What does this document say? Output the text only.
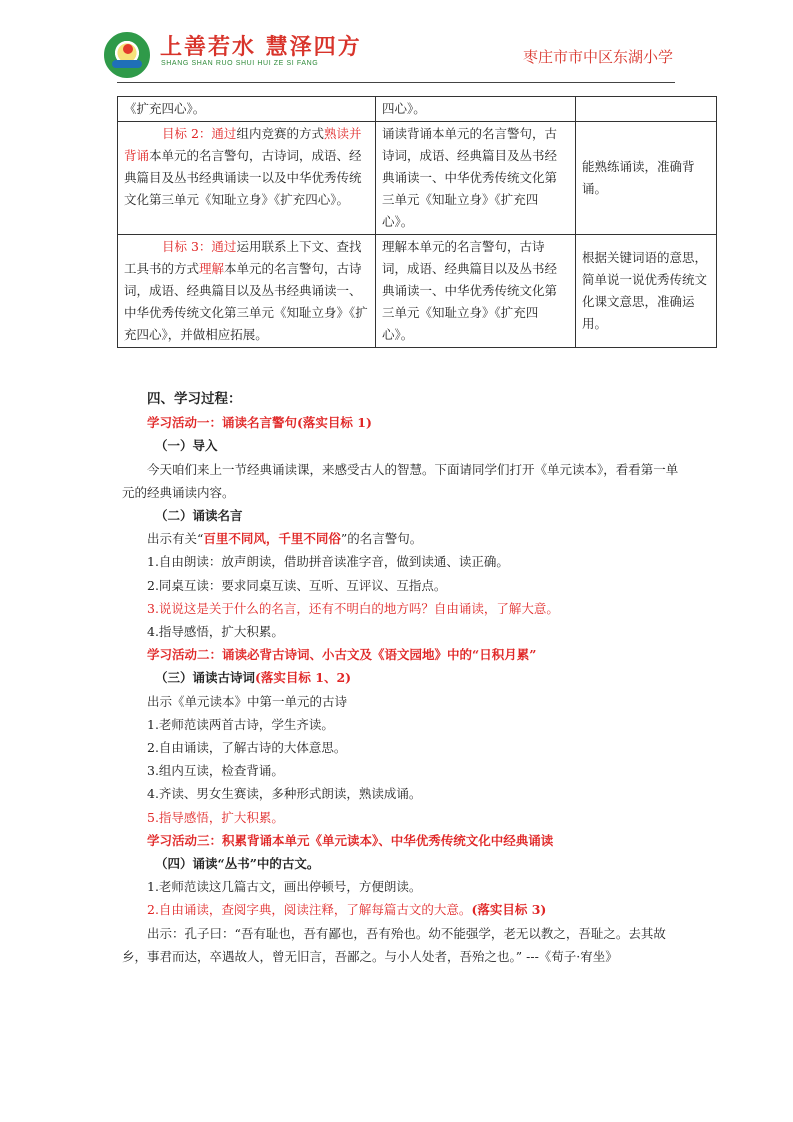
上善若水 慧泽四方
SHANG SHAN RUO SHUI HUI ZE SI FANG	枣庄市市中区东湖小学
《扩充四心》。	四心》。	
目标 2：通过组内竞赛的方式熟读并背诵本单元的名言警句，古诗词，成语、经典篇目及丛书经典诵读一以及中华优秀传统文化第三单元《知耻立身》《扩充四心》。	诵读背诵本单元的名言警句，古诗词，成语、经典篇目及丛书经典诵读一、中华优秀传统文化第三单元《知耻立身》《扩充四心》。	能熟练诵读，准确背诵。
目标 3：通过运用联系上下文、查找工具书的方式理解本单元的名言警句，古诗词，成语、经典篇目以及丛书经典诵读一、中华优秀传统文化第三单元《知耻立身》《扩充四心》，并做相应拓展。	理解本单元的名言警句，古诗词，成语、经典篇目以及丛书经典诵读一、中华优秀传统文化第三单元《知耻立身》《扩充四心》。	根据关键词语的意思，简单说一说优秀传统文化课文意思，准确运用。

四、学习过程：

学习活动一：诵读名言警句(落实目标 1)

（一）导入

今天咱们来上一节经典诵读课，来感受古人的智慧。下面请同学们打开《单元读本》，看看第一单元的经典诵读内容。

（二）诵读名言

出示有关“百里不同风，千里不同俗”的名言警句。

1.自由朗读：放声朗读，借助拼音读准字音，做到读通、读正确。

2.同桌互读：要求同桌互读、互听、互评议、互指点。

3.说说这是关于什么的名言，还有不明白的地方吗？自由诵读，了解大意。

4.指导感悟，扩大积累。

学习活动二：诵读必背古诗词、小古文及《语文园地》中的“日积月累”

（三）诵读古诗词(落实目标 1、2)

出示《单元读本》中第一单元的古诗

1.老师范读两首古诗，学生齐读。

2.自由诵读，了解古诗的大体意思。

3.组内互读，检查背诵。

4.齐读、男女生赛读，多种形式朗读，熟读成诵。

5.指导感悟，扩大积累。

学习活动三：积累背诵本单元《单元读本》、中华优秀传统文化中经典诵读

（四）诵读“丛书”中的古文。

1.老师范读这几篇古文，画出停顿号，方便朗读。

2.自由诵读，查阅字典，阅读注释，了解每篇古文的大意。(落实目标 3)

出示：孔子曰：“吾有耻也，吾有鄙也，吾有殆也。幼不能强学，老无以教之，吾耻之。去其故乡，事君而达，卒遇故人，曾无旧言，吾鄙之。与小人处者，吾殆之也。” ---《荀子·宥坐》
